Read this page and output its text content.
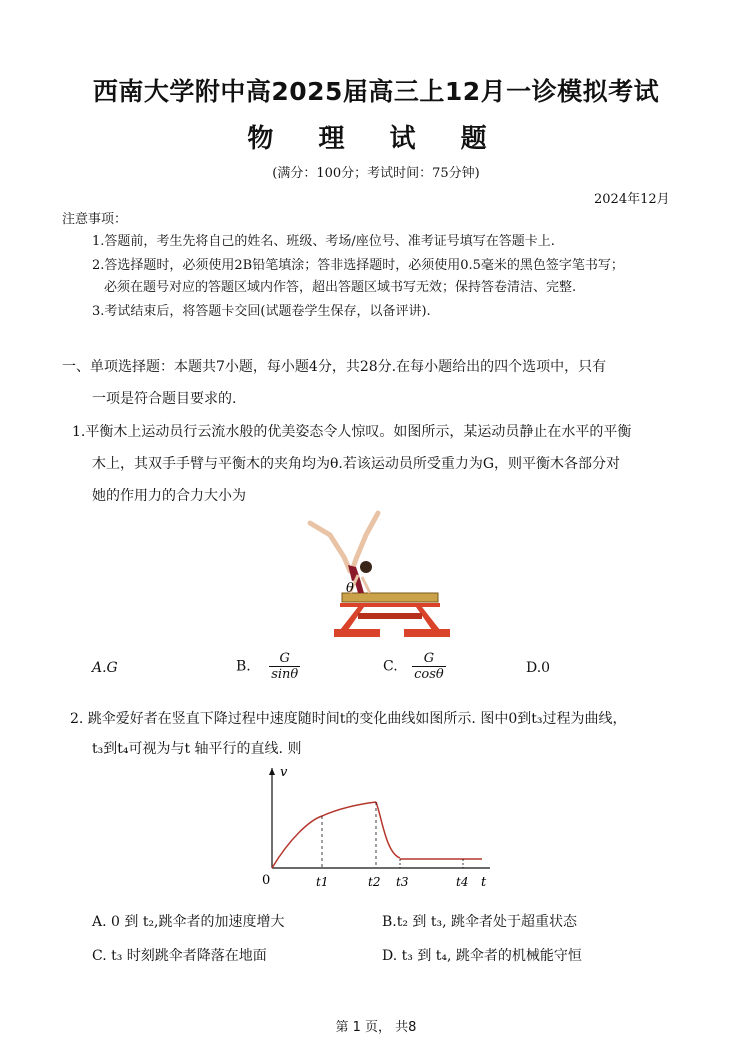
西南大学附中高2025届高三上12月一诊模拟考试
物 理 试 题
(满分：100分；考试时间：75分钟)
2024年12月
注意事项：
1.答题前，考生先将自己的姓名、班级、考场/座位号、准考证号填写在答题卡上.
2.答选择题时，必须使用2B铅笔填涂；答非选择题时，必须使用0.5毫米的黑色签字笔书写；
必须在题号对应的答题区域内作答，超出答题区域书写无效；保持答卷清洁、完整.
3.考试结束后，将答题卡交回(试题卷学生保存，以备评讲).
一、单项选择题：本题共7小题，每小题4分，共28分.在每小题给出的四个选项中，只有
一项是符合题目要求的.
1.平衡木上运动员行云流水般的优美姿态令人惊叹。如图所示，某运动员静止在水平的平衡
木上，其双手手臂与平衡木的夹角均为θ.若该运动员所受重力为G，则平衡木各部分对
她的作用力的合力大小为
θ
A.G	B. $\frac{G}{\sin\theta}$	C. $\frac{G}{\cos\theta}$	D.0
2. 跳伞爱好者在竖直下降过程中速度随时间t的变化曲线如图所示. 图中0到t₃过程为曲线，
t₃到t₄可视为与t 轴平行的直线. 则
v
0	t
t1	t2 t3	t4
A. 0 到 t₂,跳伞者的加速度增大	B.t₂ 到 t₃, 跳伞者处于超重状态
C. t₃ 时刻跳伞者降落在地面	D. t₃ 到 t₄, 跳伞者的机械能守恒
第 1 页， 共8
